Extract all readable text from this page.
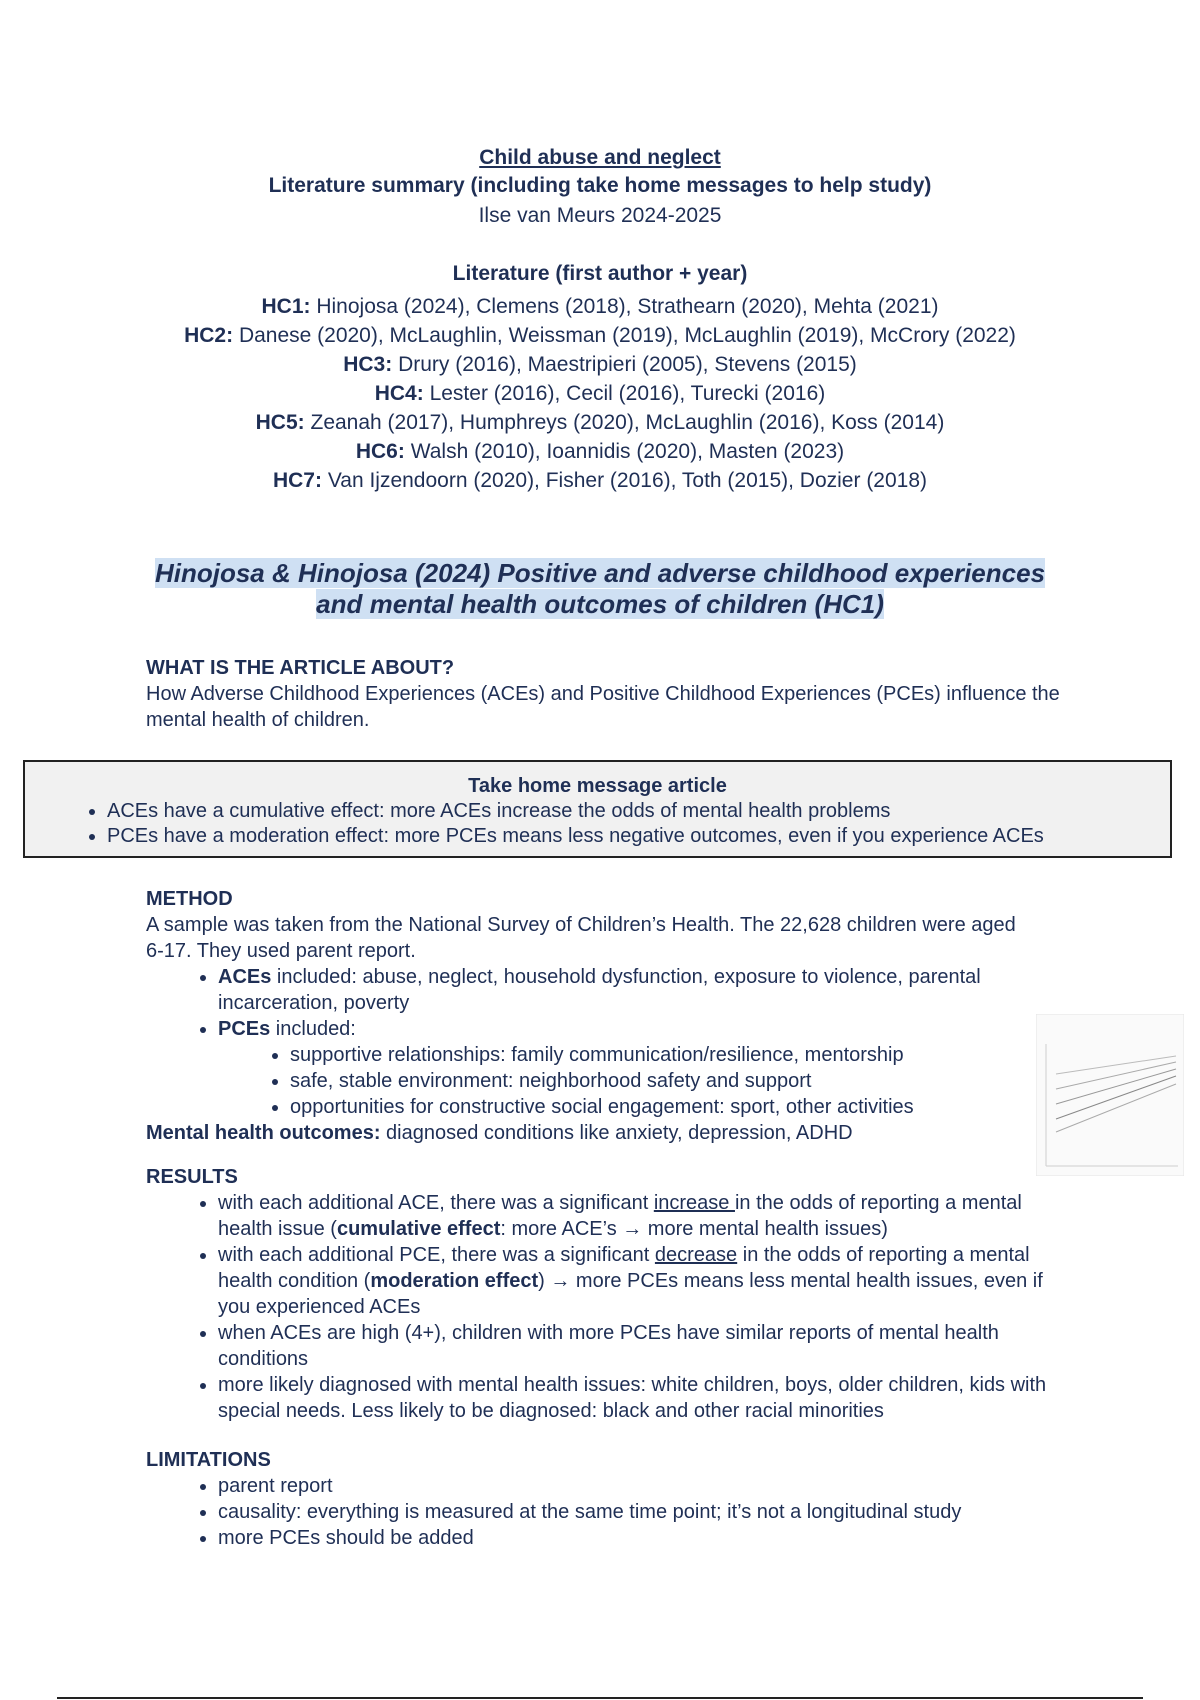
Child abuse and neglect
Literature summary (including take home messages to help study)
Ilse van Meurs 2024-2025
Literature (first author + year)
HC1: Hinojosa (2024), Clemens (2018), Strathearn (2020), Mehta (2021)
HC2: Danese (2020), McLaughlin, Weissman (2019), McLaughlin (2019), McCrory (2022)
HC3: Drury (2016), Maestripieri (2005), Stevens (2015)
HC4: Lester (2016), Cecil (2016), Turecki (2016)
HC5: Zeanah (2017), Humphreys (2020), McLaughlin (2016), Koss (2014)
HC6: Walsh (2010), Ioannidis (2020), Masten (2023)
HC7: Van Ijzendoorn (2020), Fisher (2016), Toth (2015), Dozier (2018)
Hinojosa & Hinojosa (2024) Positive and adverse childhood experiences
and mental health outcomes of children (HC1)
WHAT IS THE ARTICLE ABOUT?
How Adverse Childhood Experiences (ACEs) and Positive Childhood Experiences (PCEs) influence the mental health of children.
Take home message article
• ACEs have a cumulative effect: more ACEs increase the odds of mental health problems
• PCEs have a moderation effect: more PCEs means less negative outcomes, even if you experience ACEs
METHOD
A sample was taken from the National Survey of Children’s Health. The 22,628 children were aged 6-17. They used parent report.
• ACEs included: abuse, neglect, household dysfunction, exposure to violence, parental incarceration, poverty
• PCEs included:
• supportive relationships: family communication/resilience, mentorship
• safe, stable environment: neighborhood safety and support
• opportunities for constructive social engagement: sport, other activities
Mental health outcomes: diagnosed conditions like anxiety, depression, ADHD
RESULTS
• with each additional ACE, there was a significant increase in the odds of reporting a mental health issue (cumulative effect: more ACE’s → more mental health issues)
• with each additional PCE, there was a significant decrease in the odds of reporting a mental health condition (moderation effect) → more PCEs means less mental health issues, even if you experienced ACEs
• when ACEs are high (4+), children with more PCEs have similar reports of mental health conditions
• more likely diagnosed with mental health issues: white children, boys, older children, kids with special needs. Less likely to be diagnosed: black and other racial minorities
LIMITATIONS
• parent report
• causality: everything is measured at the same time point; it’s not a longitudinal study
• more PCEs should be added
